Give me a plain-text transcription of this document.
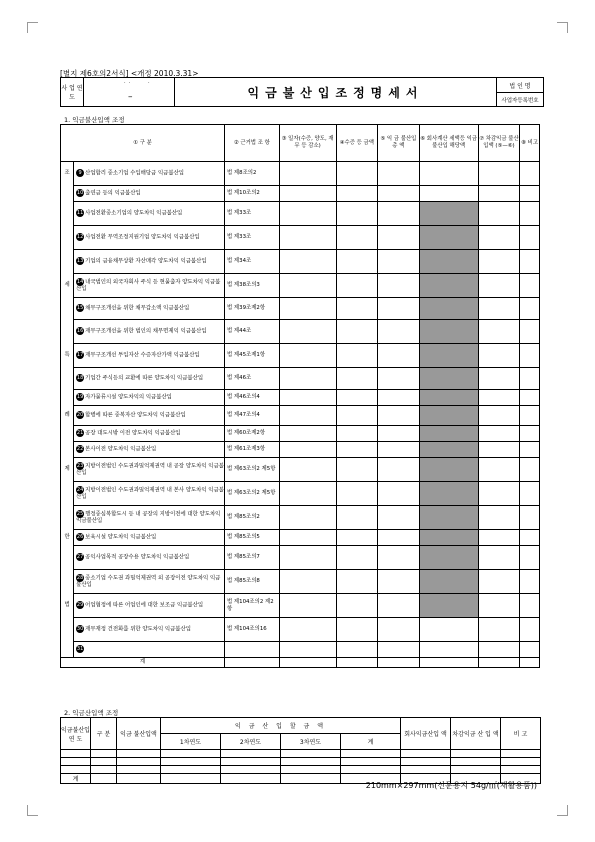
[별지 제6호의2서식] <개정 2010.3.31>
사 업 연 도	
·  ·	·
–	익금불산입조정명세서	법 인 명
사업자등록번호
1. 익금불산입액 조정
① 구 분		② 근거법 조 항	③ 일자(수증, 양도, 재무 등 감소)	④수증 등 금액	⑤ 익 금 불산입 총 액	⑥ 회사계산 세액등 익금불산입 해당액	⑦ 차감익금 불산입액 (⑤—⑥)	⑧ 비고
조	9 산업합리 중소기업 수입배당금 익금불산입	법 제8조의2						
	10 출연금 등의 익금불산입	법 제10조의2						
	11 사업전환중소기업의 양도차익 익금불산입	법 제33조						
	12 사업전환 무역조정지원기업 양도차익 익금불산입	법 제33조						
	13 기업의 금융채무상환 자산매각 양도차익 익금불산입	법 제34조						
세	14 내국법인의 외국자회사 주식 등 현물출자 양도차익 익금불산입	법 제38조의3						
	15 채무구조개선을 위한 채무감소액 익금불산입	법 제39조제2항						
	16 재무구조개선을 위한 법인의 채무면제익 익금불산입	법 제44조						
특	17 재무구조개선 투입자산 수증자산가액 익금불산입	법 제45조제1항						
	18 기업간 주식등의 교환에 따른 양도차익 익금불산입	법 제46조						
	19 자가물류시설 양도차익의 익금불산입	법 제46조의4						
례	20 합병에 따른 중복자산 양도차익 익금불산입	법 제47조의4						
	21 공장 대도시밖 이전 양도차익 익금불산입	법 제60조제2항						
	22 본사이전 양도차익 익금불산입	법 제61조제3항						
제	23 지방이전법인 수도권과밀억제권역 내 공장 양도차익 익금불산입	법 제63조의2 제5항						
	24 지방이전법인 수도권과밀억제권역 내 본사 양도차익 익금불산입	법 제63조의2 제5항						
	25 행정중심복합도시 등 내 공장의 지방이전에 대한 양도차익 익금불산입	법 제85조의2						
한	26 보육시설 양도차익 익금불산입	법 제85조의5						
	27 공익사업목적 공장수용 양도차익 익금불산입	법 제85조의7						
	28 중소기업 수도권 과밀억제권역 외 공장이전 양도차익 익금불산입	법 제85조의8						
법	29 어업협정에 따른 어업인에 대한 보조금 익금불산입	법 제104조의2 제2항						
	30 재무재정 건전화를 위한 양도차익 익금불산입	법 제104조의16						
	31							
계								
2. 익금산입액 조정
익금불산입 연 도	구 분	익금 불산입액	익 금 산 입 할 금 액				회사익금산입 액	차감익금 산 입 액	비 고
			1차연도	2차연도	3차연도	계			

계									
210mm×297mm(신문용지 54g/㎡(재활용품))
